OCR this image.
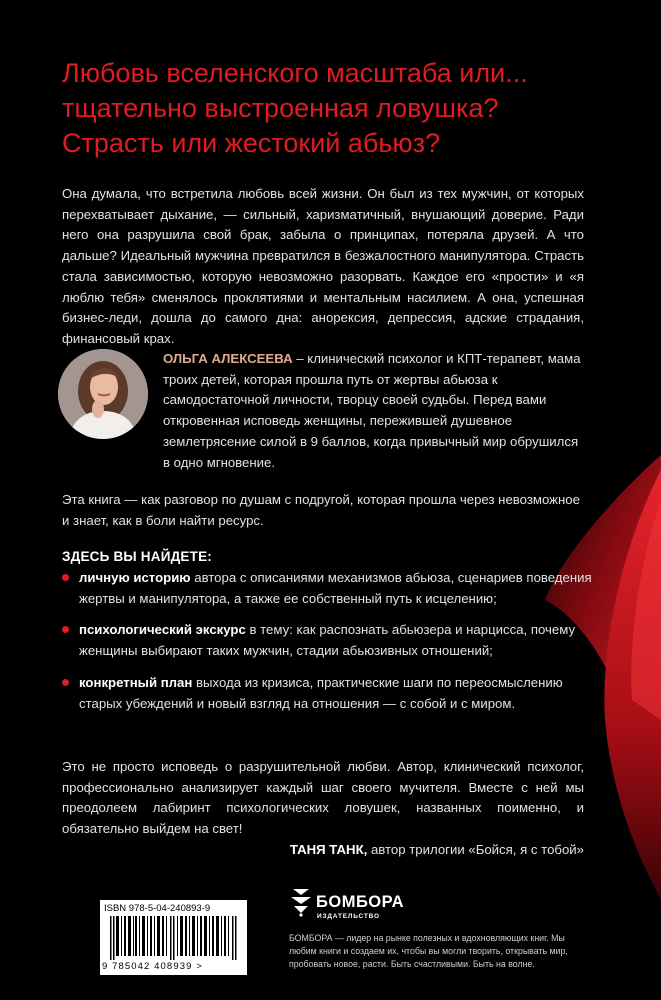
Любовь вселенского масштаба или...
тщательно выстроенная ловушка?
Страсть или жестокий абьюз?

Она думала, что встретила любовь всей жизни. Он был из тех мужчин, от которых перехватывает дыхание, — сильный, харизматичный, внушающий доверие. Ради него она разрушила свой брак, забыла о принципах, потеряла друзей. А что дальше? Идеальный мужчина превратился в безжалостного манипулятора. Страсть стала зависимостью, которую невозможно разорвать. Каждое его «прости» и «я люблю тебя» сменялось проклятиями и ментальным насилием. А она, успешная бизнес-леди, дошла до самого дна: анорексия, депрессия, адские страдания, финансовый крах.

ОЛЬГА АЛЕКСЕЕВА – клинический психолог и КПТ-терапевт, мама троих детей, которая прошла путь от жертвы абьюза к самодостаточной личности, творцу своей судьбы. Перед вами откровенная исповедь женщины, пережившей душевное землетрясение силой в 9 баллов, когда привычный мир обрушился в одно мгновение.

Эта книга — как разговор по душам с подругой, которая прошла через невозможное и знает, как в боли найти ресурс.

ЗДЕСЬ ВЫ НАЙДЕТЕ:
личную историю автора с описаниями механизмов абьюза, сценариев поведения жертвы и манипулятора, а также ее собственный путь к исцелению;
психологический экскурс в тему: как распознать абьюзера и нарцисса, почему женщины выбирают таких мужчин, стадии абьюзивных отношений;
конкретный план выхода из кризиса, практические шаги по переосмыслению старых убеждений и новый взгляд на отношения — с собой и с миром.

Это не просто исповедь о разрушительной любви. Автор, клинический психолог, профессионально анализирует каждый шаг своего мучителя. Вместе с ней мы преодолеем лабиринт психологических ловушек, названных поименно, и обязательно выйдем на свет!

ТАНЯ ТАНК, автор трилогии «Бойся, я с тобой»

ISBN 978-5-04-240893-9
9 785042 408939 >
БОМБОРА
ИЗДАТЕЛЬСТВО

БОМБОРА — лидер на рынке полезных и вдохновляющих книг. Мы любим книги и создаем их, чтобы вы могли творить, открывать мир, пробовать новое, расти. Быть счастливыми. Быть на волне.
